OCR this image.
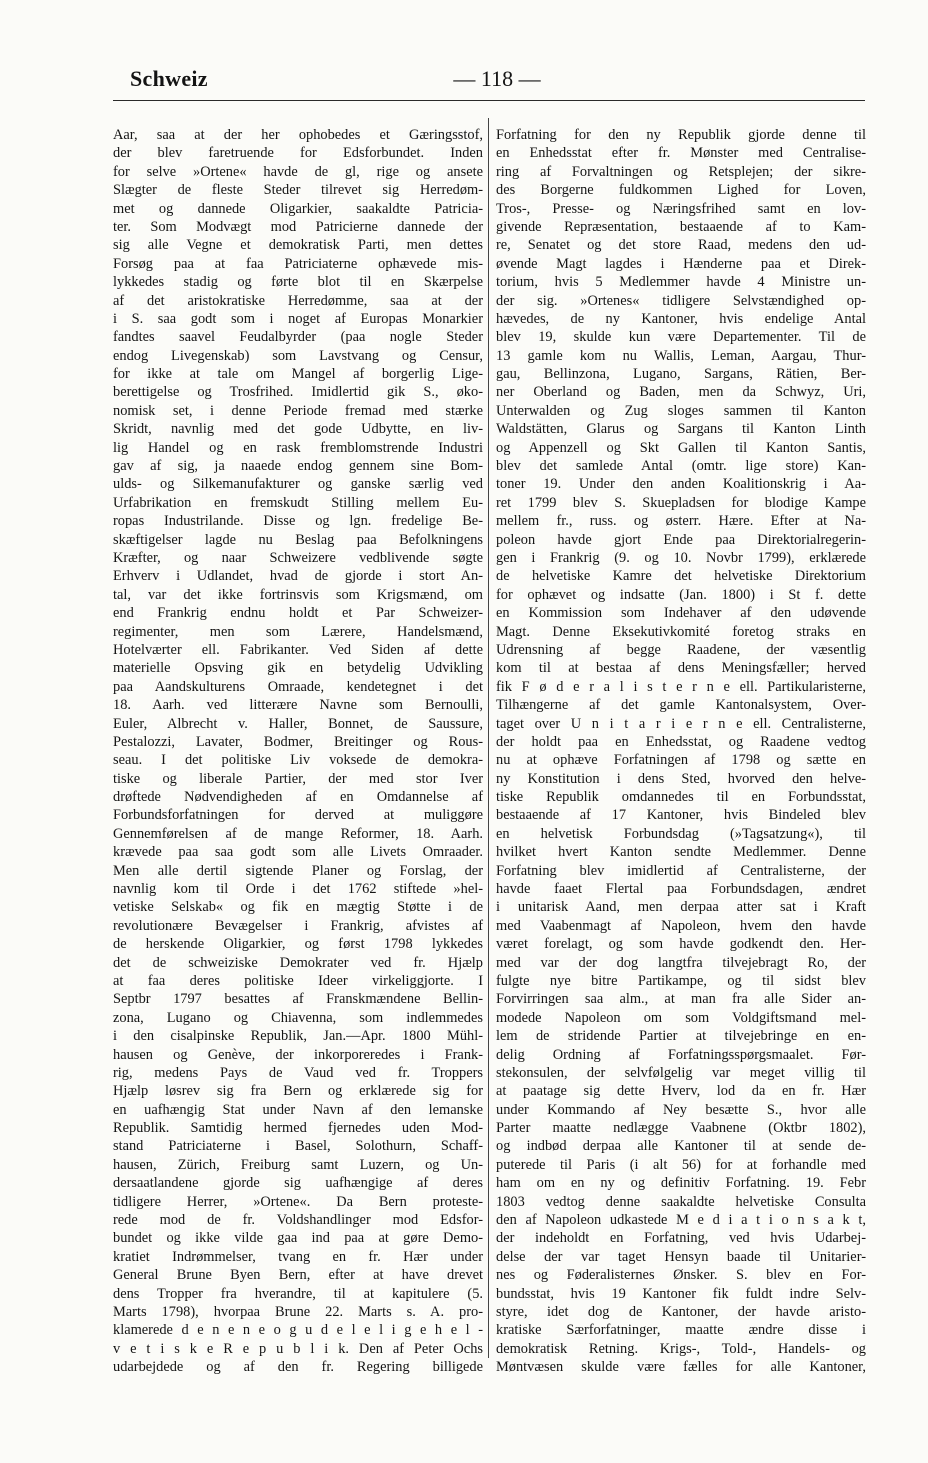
Schweiz	— 118 —
Aar, saa at der her ophobedes et Gæringsstof,
der blev faretruende for Edsforbundet. Inden
for selve »Ortene« havde de gl, rige og ansete
Slægter de fleste Steder tilrevet sig Herredøm-
met og dannede Oligarkier, saakaldte Patricia-
ter. Som Modvægt mod Patricierne dannede der
sig alle Vegne et demokratisk Parti, men dettes
Forsøg paa at faa Patriciaterne ophævede mis-
lykkedes stadig og førte blot til en Skærpelse
af det aristokratiske Herredømme, saa at der
i S. saa godt som i noget af Europas Monarkier
fandtes saavel Feudalbyrder (paa nogle Steder
endog Livegenskab) som Lavstvang og Censur,
for ikke at tale om Mangel af borgerlig Lige-
berettigelse og Trosfrihed. Imidlertid gik S., øko-
nomisk set, i denne Periode fremad med stærke
Skridt, navnlig med det gode Udbytte, en liv-
lig Handel og en rask fremblomstrende Industri
gav af sig, ja naaede endog gennem sine Bom-
ulds- og Silkemanufakturer og ganske særlig ved
Urfabrikation en fremskudt Stilling mellem Eu-
ropas Industrilande. Disse og lgn. fredelige Be-
skæftigelser lagde nu Beslag paa Befolkningens
Kræfter, og naar Schweizere vedblivende søgte
Erhverv i Udlandet, hvad de gjorde i stort An-
tal, var det ikke fortrinsvis som Krigsmænd, om
end Frankrig endnu holdt et Par Schweizer-
regimenter, men som Lærere, Handelsmænd,
Hotelværter ell. Fabrikanter. Ved Siden af dette
materielle Opsving gik en betydelig Udvikling
paa Aandskulturens Omraade, kendetegnet i det
18. Aarh. ved litterære Navne som Bernoulli,
Euler, Albrecht v. Haller, Bonnet, de Saussure,
Pestalozzi, Lavater, Bodmer, Breitinger og Rous-
seau. I det politiske Liv voksede de demokra-
tiske og liberale Partier, der med stor Iver
drøftede Nødvendigheden af en Omdannelse af
Forbundsforfatningen for derved at muliggøre
Gennemførelsen af de mange Reformer, 18. Aarh.
krævede paa saa godt som alle Livets Omraader.
Men alle dertil sigtende Planer og Forslag, der
navnlig kom til Orde i det 1762 stiftede »hel-
vetiske Selskab« og fik en mægtig Støtte i de
revolutionære Bevægelser i Frankrig, afvistes af
de herskende Oligarkier, og først 1798 lykkedes
det de schweiziske Demokrater ved fr. Hjælp
at faa deres politiske Ideer virkeliggjorte. I
Septbr 1797 besattes af Franskmændene Bellin-
zona, Lugano og Chiavenna, som indlemmedes
i den cisalpinske Republik, Jan.—Apr. 1800 Mühl-
hausen og Genève, der inkorporeredes i Frank-
rig, medens Pays de Vaud ved fr. Troppers
Hjælp løsrev sig fra Bern og erklærede sig for
en uafhængig Stat under Navn af den lemanske
Republik. Samtidig hermed fjernedes uden Mod-
stand Patriciaterne i Basel, Solothurn, Schaff-
hausen, Zürich, Freiburg samt Luzern, og Un-
dersaatlandene gjorde sig uafhængige af deres
tidligere Herrer, »Ortene«. Da Bern proteste-
rede mod de fr. Voldshandlinger mod Edsfor-
bundet og ikke vilde gaa ind paa at gøre Demo-
kratiet Indrømmelser, tvang en fr. Hær under
General Brune Byen Bern, efter at have drevet
dens Tropper fra hverandre, til at kapitulere (5.
Marts 1798), hvorpaa Brune 22. Marts s. A. pro-
klamerede d e n e n e o g u d e l e l i g e h e l -
v e t i s k e R e p u b l i k. Den af Peter Ochs
udarbejdede og af den fr. Regering billigede
Forfatning for den ny Republik gjorde denne til
en Enhedsstat efter fr. Mønster med Centralise-
ring af Forvaltningen og Retsplejen; der sikre-
des Borgerne fuldkommen Lighed for Loven,
Tros-, Presse- og Næringsfrihed samt en lov-
givende Repræsentation, bestaaende af to Kam-
re, Senatet og det store Raad, medens den ud-
øvende Magt lagdes i Hænderne paa et Direk-
torium, hvis 5 Medlemmer havde 4 Ministre un-
der sig. »Ortenes« tidligere Selvstændighed op-
hævedes, de ny Kantoner, hvis endelige Antal
blev 19, skulde kun være Departementer. Til de
13 gamle kom nu Wallis, Leman, Aargau, Thur-
gau, Bellinzona, Lugano, Sargans, Rätien, Ber-
ner Oberland og Baden, men da Schwyz, Uri,
Unterwalden og Zug sloges sammen til Kanton
Waldstätten, Glarus og Sargans til Kanton Linth
og Appenzell og Skt Gallen til Kanton Santis,
blev det samlede Antal (omtr. lige store) Kan-
toner 19. Under den anden Koalitionskrig i Aa-
ret 1799 blev S. Skuepladsen for blodige Kampe
mellem fr., russ. og østerr. Hære. Efter at Na-
poleon havde gjort Ende paa Direktorialregerin-
gen i Frankrig (9. og 10. Novbr 1799), erklærede
de helvetiske Kamre det helvetiske Direktorium
for ophævet og indsatte (Jan. 1800) i St f. dette
en Kommission som Indehaver af den udøvende
Magt. Denne Eksekutivkomité foretog straks en
Udrensning af begge Raadene, der væsentlig
kom til at bestaa af dens Meningsfæller; herved
fik F ø d e r a l i s t e r n e ell. Partikularisterne,
Tilhængerne af det gamle Kantonalsystem, Over-
taget over U n i t a r i e r n e ell. Centralisterne,
der holdt paa en Enhedsstat, og Raadene vedtog
nu at ophæve Forfatningen af 1798 og sætte en
ny Konstitution i dens Sted, hvorved den helve-
tiske Republik omdannedes til en Forbundsstat,
bestaaende af 17 Kantoner, hvis Bindeled blev
en helvetisk Forbundsdag (»Tagsatzung«), til
hvilket hvert Kanton sendte Medlemmer. Denne
Forfatning blev imidlertid af Centralisterne, der
havde faaet Flertal paa Forbundsdagen, ændret
i unitarisk Aand, men derpaa atter sat i Kraft
med Vaabenmagt af Napoleon, hvem den havde
været forelagt, og som havde godkendt den. Her-
med var der dog langtfra tilvejebragt Ro, der
fulgte nye bitre Partikampe, og til sidst blev
Forvirringen saa alm., at man fra alle Sider an-
modede Napoleon om som Voldgiftsmand mel-
lem de stridende Partier at tilvejebringe en en-
delig Ordning af Forfatningsspørgsmaalet. Før-
stekonsulen, der selvfølgelig var meget villig til
at paatage sig dette Hverv, lod da en fr. Hær
under Kommando af Ney besætte S., hvor alle
Parter maatte nedlægge Vaabnene (Oktbr 1802),
og indbød derpaa alle Kantoner til at sende de-
puterede til Paris (i alt 56) for at forhandle med
ham om en ny og definitiv Forfatning. 19. Febr
1803 vedtog denne saakaldte helvetiske Consulta
den af Napoleon udkastede M e d i a t i o n s a k t,
der indeholdt en Forfatning, ved hvis Udarbej-
delse der var taget Hensyn baade til Unitarier-
nes og Føderalisternes Ønsker. S. blev en For-
bundsstat, hvis 19 Kantoner fik fuldt indre Selv-
styre, idet dog de Kantoner, der havde aristo-
kratiske Særforfatninger, maatte ændre disse i
demokratisk Retning. Krigs-, Told-, Handels- og
Møntvæsen skulde være fælles for alle Kantoner,
